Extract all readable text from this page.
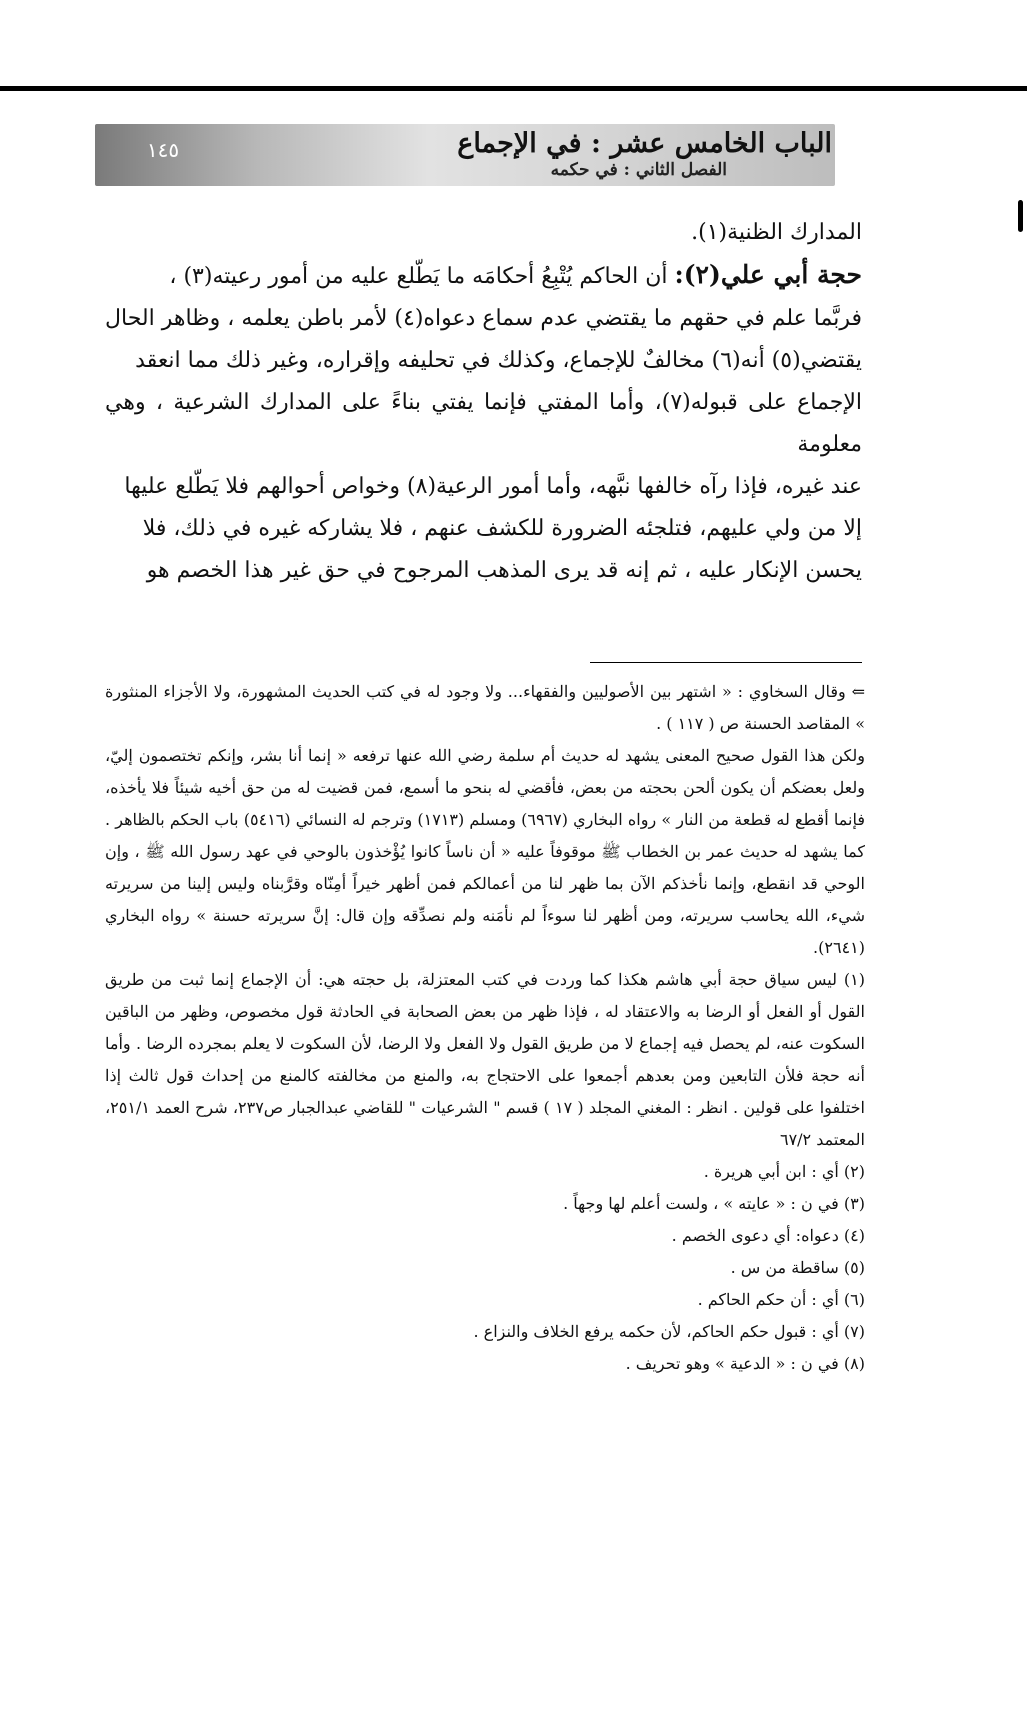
١٤٥	الباب الخامس عشر : في الإجماع
الفصل الثاني : في حكمه
المدارك الظنية(١).
حجة أبي علي(٢): أن الحاكم يُتْبِعُ أحكامَه ما يَطّلع عليه من أمور رعيته(٣) ،
فربَّما علم في حقهم ما يقتضي عدم سماع دعواه(٤) لأمر باطن يعلمه ، وظاهر الحال
يقتضي(٥) أنه(٦) مخالفٌ للإجماع، وكذلك في تحليفه وإقراره، وغير ذلك مما انعقد
الإجماع على قبوله(٧)، وأما المفتي فإنما يفتي بناءً على المدارك الشرعية ، وهي معلومة
عند غيره، فإذا رآه خالفها نبَّهه، وأما أمور الرعية(٨) وخواص أحوالهم فلا يَطّلع عليها
إلا من ولي عليهم، فتلجئه الضرورة للكشف عنهم ، فلا يشاركه غيره في ذلك، فلا
يحسن الإنكار عليه ، ثم إنه قد يرى المذهب المرجوح في حق غير هذا الخصم هو

⇐ وقال السخاوي : « اشتهر بين الأصوليين والفقهاء... ولا وجود له في كتب الحديث المشهورة، ولا الأجزاء المنثورة » المقاصد الحسنة ص ( ١١٧ ) .

ولكن هذا القول صحيح المعنى يشهد له حديث أم سلمة رضي الله عنها ترفعه « إنما أنا بشر، وإنكم تختصمون إليّ، ولعل بعضكم أن يكون ألحن بحجته من بعض، فأقضي له بنحو ما أسمع، فمن قضيت له من حق أخيه شيئاً فلا يأخذه، فإنما أقطع له قطعة من النار » رواه البخاري (٦٩٦٧) ومسلم (١٧١٣) وترجم له النسائي (٥٤١٦) باب الحكم بالظاهر . كما يشهد له حديث عمر بن الخطاب ﷺ موقوفاً عليه « أن ناساً كانوا يُؤْخذون بالوحي في عهد رسول الله ﷺ ، وإن الوحي قد انقطع، وإنما نأخذكم الآن بما ظهر لنا من أعمالكم فمن أظهر خيراً أمِنّاه وقرَّبناه وليس إلينا من سريرته شيء، الله يحاسب سريرته، ومن أظهر لنا سوءاً لم نأمَنه ولم نصدِّقه وإن قال: إنَّ سريرته حسنة » رواه البخاري (٢٦٤١).

(١) ليس سياق حجة أبي هاشم هكذا كما وردت في كتب المعتزلة، بل حجته هي: أن الإجماع إنما ثبت من طريق القول أو الفعل أو الرضا به والاعتقاد له ، فإذا ظهر من بعض الصحابة في الحادثة قول مخصوص، وظهر من الباقين السكوت عنه، لم يحصل فيه إجماع لا من طريق القول ولا الفعل ولا الرضا، لأن السكوت لا يعلم بمجرده الرضا . وأما أنه حجة فلأن التابعين ومن بعدهم أجمعوا على الاحتجاج به، والمنع من مخالفته كالمنع من إحداث قول ثالث إذا اختلفوا على قولين . انظر : المغني المجلد ( ١٧ ) قسم " الشرعيات " للقاضي عبدالجبار ص٢٣٧، شرح العمد ٢٥١/١، المعتمد ٦٧/٢

(٢) أي : ابن أبي هريرة .

(٣) في ن : « عايته » ، ولست أعلم لها وجهاً .

(٤) دعواه: أي دعوى الخصم .

(٥) ساقطة من س .

(٦) أي : أن حكم الحاكم .

(٧) أي : قبول حكم الحاكم، لأن حكمه يرفع الخلاف والنزاع .

(٨) في ن : « الدعية » وهو تحريف .
